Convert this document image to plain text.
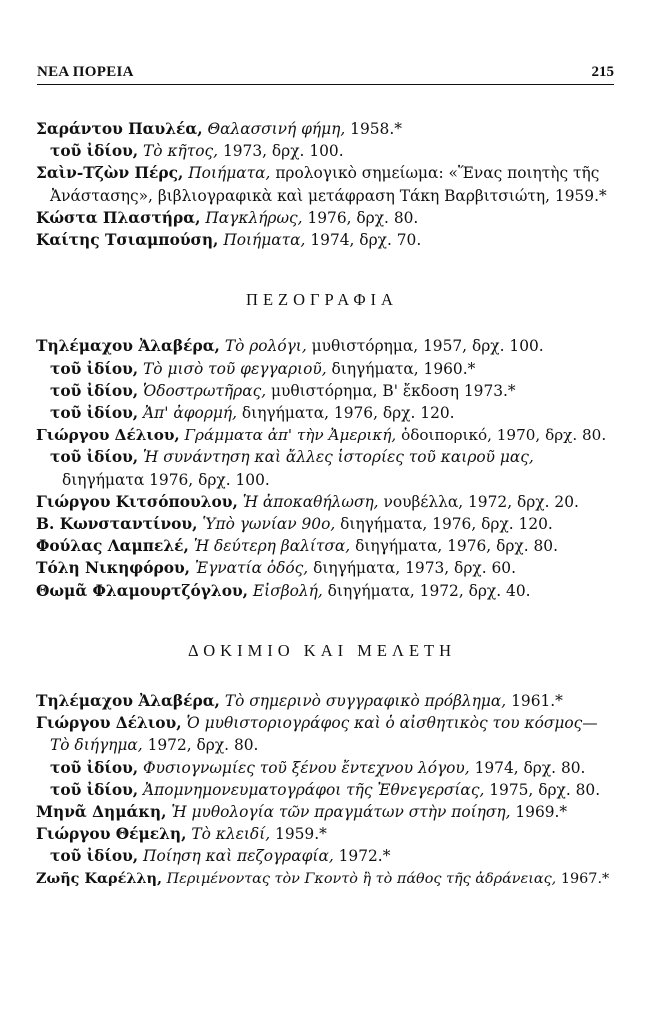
ΝΕΑ ΠΟΡΕΙΑ	215

Σαράντου Παυλέα, Θαλασσινή φήμη, 1958.*

τοῦ ἰδίου, Τὸ κῆτος, 1973, δρχ. 100.

Σαὶν-Τζὼν Πέρς, Ποιήματα, προλογικὸ σημείωμα: «Ἕνας ποιητὴς τῆς Ἀνάστασης», βιβλιογραφικὰ καὶ μετάφραση Τάκη Βαρβιτσιώτη, 1959.*

Κώστα Πλαστήρα, Παγκλήρως, 1976, δρχ. 80.

Καίτης Τσιαμπούση, Ποιήματα, 1974, δρχ. 70.

ΠΕΖΟΓΡΑΦΙΑ

Τηλέμαχου Ἀλαβέρα, Τὸ ρολόγι, μυθιστόρημα, 1957, δρχ. 100.

τοῦ ἰδίου, Τὸ μισὸ τοῦ φεγγαριοῦ, διηγήματα, 1960.*

τοῦ ἰδίου, Ὁδοστρωτῆρας, μυθιστόρημα, Β' ἔκδοση 1973.*

τοῦ ἰδίου, Ἀπ' ἀφορμή, διηγήματα, 1976, δρχ. 120.

Γιώργου Δέλιου, Γράμματα ἀπ' τὴν Ἀμερική, ὁδοιπορικό, 1970, δρχ. 80.

τοῦ ἰδίου, Ἡ συνάντηση καὶ ἄλλες ἱστορίες τοῦ καιροῦ μας, διηγήματα 1976, δρχ. 100.

Γιώργου Κιτσόπουλου, Ἡ ἀποκαθήλωση, νουβέλλα, 1972, δρχ. 20.

Β. Κωνσταντίνου, Ὑπὸ γωνίαν 90ο, διηγήματα, 1976, δρχ. 120.

Φούλας Λαμπελέ, Ἡ δεύτερη βαλίτσα, διηγήματα, 1976, δρχ. 80.

Τόλη Νικηφόρου, Ἐγνατία ὁδός, διηγήματα, 1973, δρχ. 60.

Θωμᾶ Φλαμουρτζόγλου, Εἰσβολή, διηγήματα, 1972, δρχ. 40.

ΔΟΚΙΜΙΟ ΚΑΙ ΜΕΛΕΤΗ

Τηλέμαχου Ἀλαβέρα, Τὸ σημερινὸ συγγραφικὸ πρόβλημα, 1961.*

Γιώργου Δέλιου, Ὁ μυθιστοριογράφος καὶ ὁ αἰσθητικὸς του κόσμος—Τὸ διήγημα, 1972, δρχ. 80.

τοῦ ἰδίου, Φυσιογνωμίες τοῦ ξένου ἔντεχνου λόγου, 1974, δρχ. 80.

τοῦ ἰδίου, Ἀπομνημονευματογράφοι τῆς Ἐθνεγερσίας, 1975, δρχ. 80.

Μηνᾶ Δημάκη, Ἡ μυθολογία τῶν πραγμάτων στὴν ποίηση, 1969.*

Γιώργου Θέμελη, Τὸ κλειδί, 1959.*

τοῦ ἰδίου, Ποίηση καὶ πεζογραφία, 1972.*

Ζωῆς Καρέλλη, Περιμένοντας τὸν Γκοντὸ ἢ τὸ πάθος τῆς ἀδράνειας, 1967.*
